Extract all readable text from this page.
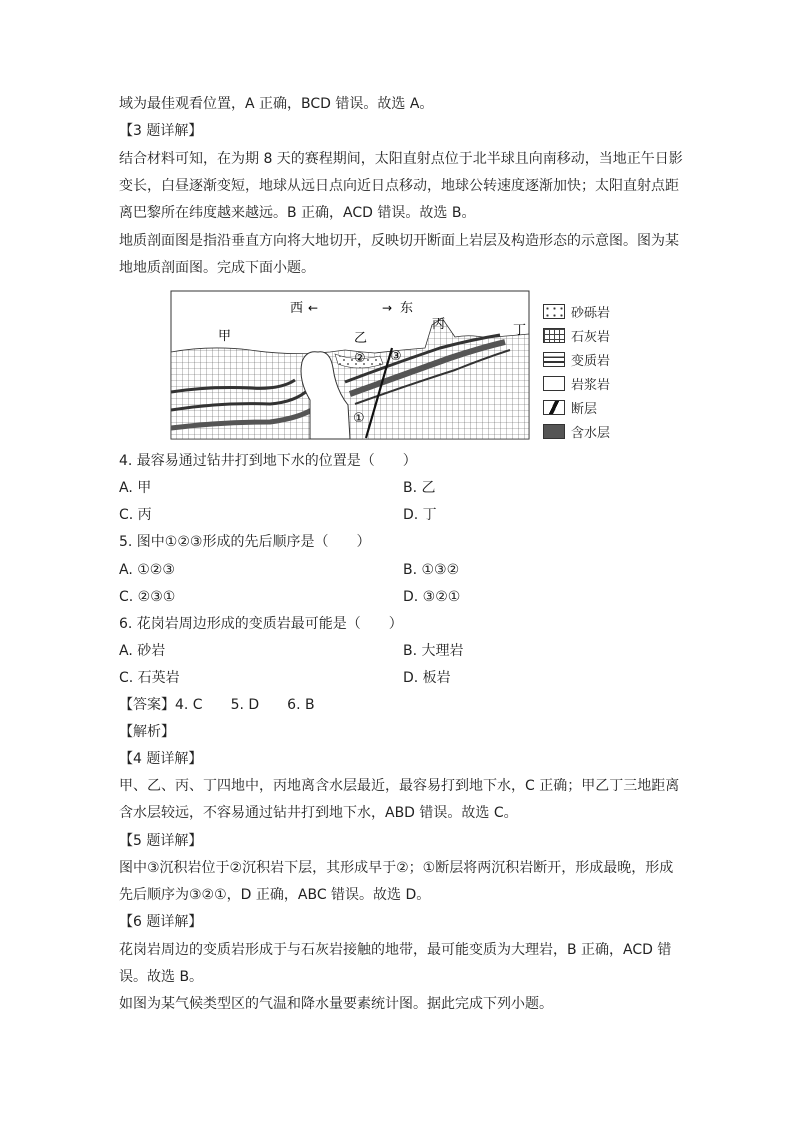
域为最佳观看位置，A 正确，BCD 错误。故选 A。
【3 题详解】
结合材料可知，在为期 8 天的赛程期间，太阳直射点位于北半球且向南移动，当地正午日影
变长，白昼逐渐变短，地球从远日点向近日点移动，地球公转速度逐渐加快；太阳直射点距
离巴黎所在纬度越来越远。B 正确，ACD 错误。故选 B。
地质剖面图是指沿垂直方向将大地切开，反映切开断面上岩层及构造形态的示意图。图为某
地地质剖面图。完成下面小题。
西 ←	→ 东
甲	乙
丙	丁
①
② ③
砂砾岩
石灰岩
变质岩
岩浆岩
断层
含水层
4. 最容易通过钻井打到地下水的位置是（　　）
A. 甲	B. 乙
C. 丙	D. 丁
5. 图中①②③形成的先后顺序是（　　）
A. ①②③	B. ①③②
C. ②③①	D. ③②①
6. 花岗岩周边形成的变质岩最可能是（　　）
A. 砂岩	B. 大理岩
C. 石英岩	D. 板岩
【答案】4. C　　5. D　　6. B
【解析】
【4 题详解】
甲、乙、丙、丁四地中，丙地离含水层最近，最容易打到地下水，C 正确；甲乙丁三地距离
含水层较远，不容易通过钻井打到地下水，ABD 错误。故选 C。
【5 题详解】
图中③沉积岩位于②沉积岩下层，其形成早于②；①断层将两沉积岩断开，形成最晚，形成
先后顺序为③②①，D 正确，ABC 错误。故选 D。
【6 题详解】
花岗岩周边的变质岩形成于与石灰岩接触的地带，最可能变质为大理岩，B 正确，ACD 错
误。故选 B。
如图为某气候类型区的气温和降水量要素统计图。据此完成下列小题。
